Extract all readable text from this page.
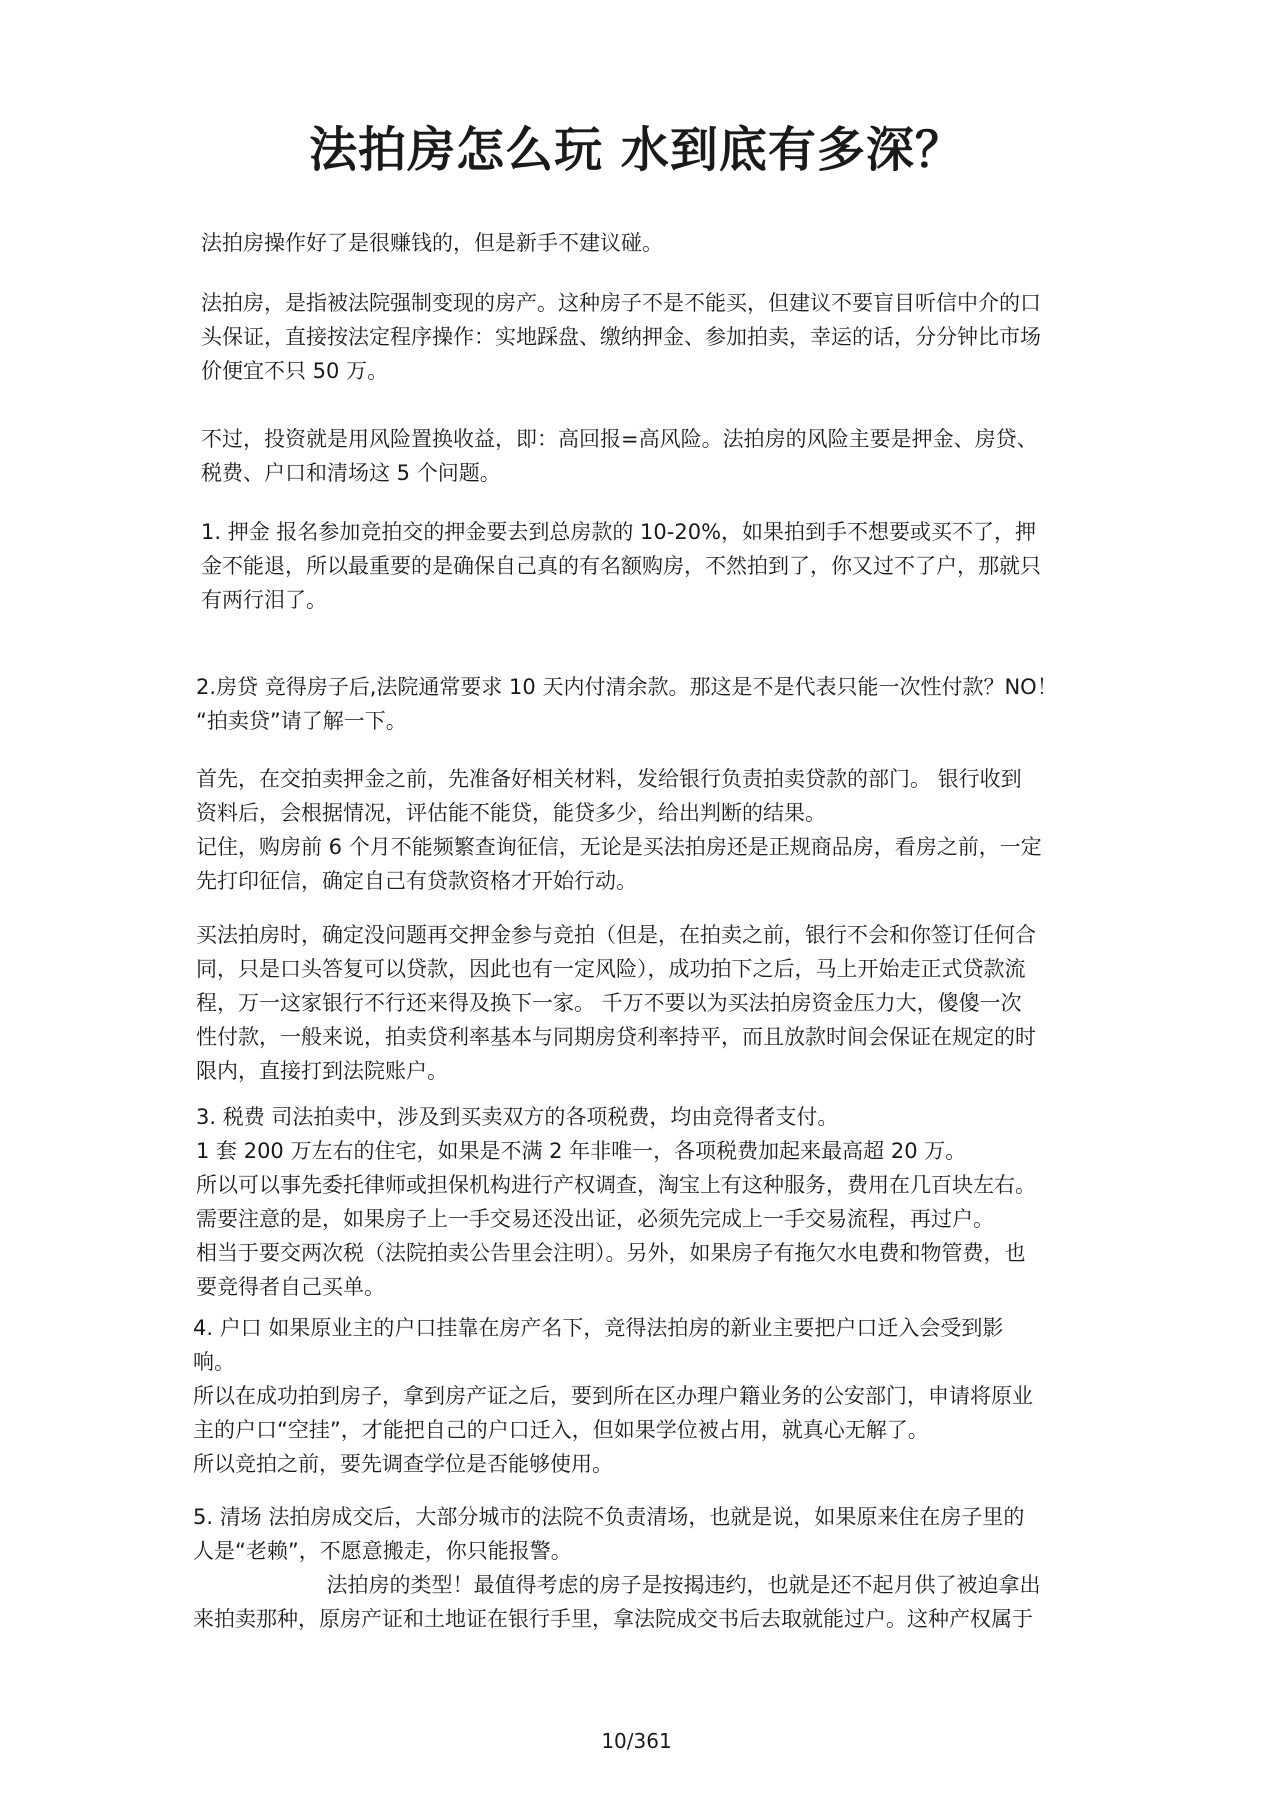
法拍房怎么玩 水到底有多深？
法拍房操作好了是很赚钱的，但是新手不建议碰。
法拍房，是指被法院强制变现的房产。这种房子不是不能买，但建议不要盲目听信中介的口
头保证，直接按法定程序操作：实地踩盘、缴纳押金、参加拍卖，幸运的话，分分钟比市场
价便宜不只 50 万。
不过，投资就是用风险置换收益，即：高回报=高风险。法拍房的风险主要是押金、房贷、
税费、户口和清场这 5 个问题。
1. 押金 报名参加竞拍交的押金要去到总房款的 10-20%，如果拍到手不想要或买不了，押
金不能退，所以最重要的是确保自己真的有名额购房，不然拍到了，你又过不了户，那就只
有两行泪了。
2.房贷 竞得房子后,法院通常要求 10 天内付清余款。那这是不是代表只能一次性付款？NO！
“拍卖贷”请了解一下。
首先，在交拍卖押金之前，先准备好相关材料，发给银行负责拍卖贷款的部门。 银行收到
资料后，会根据情况，评估能不能贷，能贷多少，给出判断的结果。
记住，购房前 6 个月不能频繁查询征信，无论是买法拍房还是正规商品房，看房之前，一定
先打印征信，确定自己有贷款资格才开始行动。
买法拍房时，确定没问题再交押金参与竞拍（但是，在拍卖之前，银行不会和你签订任何合
同，只是口头答复可以贷款，因此也有一定风险），成功拍下之后，马上开始走正式贷款流
程，万一这家银行不行还来得及换下一家。 千万不要以为买法拍房资金压力大，傻傻一次
性付款，一般来说，拍卖贷利率基本与同期房贷利率持平，而且放款时间会保证在规定的时
限内，直接打到法院账户。
3. 税费 司法拍卖中，涉及到买卖双方的各项税费，均由竞得者支付。
1 套 200 万左右的住宅，如果是不满 2 年非唯一，各项税费加起来最高超 20 万。
所以可以事先委托律师或担保机构进行产权调查，淘宝上有这种服务，费用在几百块左右。
需要注意的是，如果房子上一手交易还没出证，必须先完成上一手交易流程，再过户。
相当于要交两次税（法院拍卖公告里会注明）。另外，如果房子有拖欠水电费和物管费，也
要竞得者自己买单。
4. 户口 如果原业主的户口挂靠在房产名下，竞得法拍房的新业主要把户口迁入会受到影
响。
所以在成功拍到房子，拿到房产证之后，要到所在区办理户籍业务的公安部门，申请将原业
主的户口“空挂”，才能把自己的户口迁入，但如果学位被占用，就真心无解了。
所以竞拍之前，要先调查学位是否能够使用。
5. 清场 法拍房成交后，大部分城市的法院不负责清场，也就是说，如果原来住在房子里的
人是“老赖”，不愿意搬走，你只能报警。
法拍房的类型！最值得考虑的房子是按揭违约，也就是还不起月供了被迫拿出
来拍卖那种，原房产证和土地证在银行手里，拿法院成交书后去取就能过户。这种产权属于
10/361
